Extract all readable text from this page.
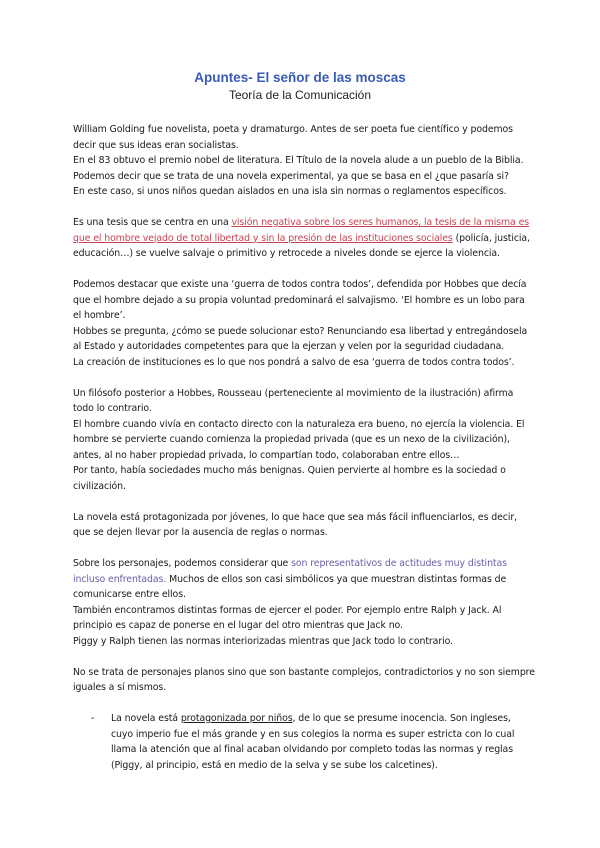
Apuntes- El señor de las moscas
Teoría de la Comunicación

William Golding fue novelista, poeta y dramaturgo. Antes de ser poeta fue científico y podemos decir que sus ideas eran socialistas.

En el 83 obtuvo el premio nobel de literatura. El Título de la novela alude a un pueblo de la Biblia.

Podemos decir que se trata de una novela experimental, ya que se basa en el ¿que pasaría si?

En este caso, si unos niños quedan aislados en una isla sin normas o reglamentos específicos.

Es una tesis que se centra en una visión negativa sobre los seres humanos, la tesis de la misma es que el hombre vejado de total libertad y sin la presión de las instituciones sociales (policía, justicia, educación…) se vuelve salvaje o primitivo y retrocede a niveles donde se ejerce la violencia.

Podemos destacar que existe una ‘guerra de todos contra todos’, defendida por Hobbes que decía que el hombre dejado a su propia voluntad predominará el salvajismo. ‘El hombre es un lobo para el hombre’.

Hobbes se pregunta, ¿cómo se puede solucionar esto? Renunciando esa libertad y entregándosela al Estado y autoridades competentes para que la ejerzan y velen por la seguridad ciudadana.

La creación de instituciones es lo que nos pondrá a salvo de esa ‘guerra de todos contra todos’.

Un filósofo posterior a Hobbes, Rousseau (perteneciente al movimiento de la ilustración) afirma todo lo contrario.

El hombre cuando vivía en contacto directo con la naturaleza era bueno, no ejercía la violencia. El hombre se pervierte cuando comienza la propiedad privada (que es un nexo de la civilización), antes, al no haber propiedad privada, lo compartían todo, colaboraban entre ellos…

Por tanto, había sociedades mucho más benignas. Quien pervierte al hombre es la sociedad o civilización.

La novela está protagonizada por jóvenes, lo que hace que sea más fácil influenciarlos, es decir, que se dejen llevar por la ausencia de reglas o normas.

Sobre los personajes, podemos considerar que son representativos de actitudes muy distintas incluso enfrentadas. Muchos de ellos son casi simbólicos ya que muestran distintas formas de comunicarse entre ellos.

También encontramos distintas formas de ejercer el poder. Por ejemplo entre Ralph y Jack. Al principio es capaz de ponerse en el lugar del otro mientras que Jack no.

Piggy y Ralph tienen las normas interiorizadas mientras que Jack todo lo contrario.

No se trata de personajes planos sino que son bastante complejos, contradictorios y no son siempre iguales a sí mismos.

- La novela está protagonizada por niños, de lo que se presume inocencia. Son ingleses, cuyo imperio fue el más grande y en sus colegios la norma es super estricta con lo cual llama la atención que al final acaban olvidando por completo todas las normas y reglas (Piggy, al principio, está en medio de la selva y se sube los calcetines).
